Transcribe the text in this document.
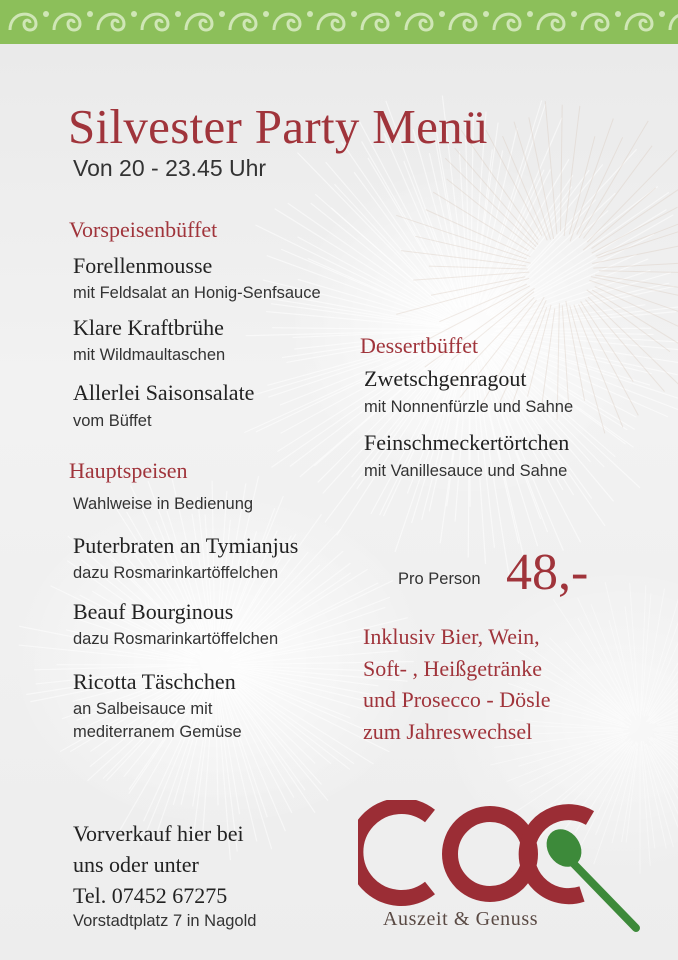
Silvester Party Menü
Von 20 - 23.45 Uhr
Vorspeisenbüffet
Forellenmousse
mit Feldsalat an Honig-Senfsauce
Klare Kraftbrühe
mit Wildmaultaschen
Allerlei Saisonsalate
vom Büffet
Hauptspeisen
Wahlweise in Bedienung
Puterbraten an Tymianjus
dazu Rosmarinkartöffelchen
Beauf Bourginous
dazu Rosmarinkartöffelchen
Ricotta Täschchen
an Salbeisauce mit
mediterranem Gemüse
Dessertbüffet
Zwetschgenragout
mit Nonnenfürzle und Sahne
Feinschmeckertörtchen
mit Vanillesauce und Sahne
Pro Person 48,-
Inklusiv Bier, Wein,
Soft- , Heißgetränke
und Prosecco - Dösle
zum Jahreswechsel
Vorverkauf hier bei
uns oder unter
Tel. 07452 67275
Vorstadtplatz 7 in Nagold	Auszeit & Genuss
